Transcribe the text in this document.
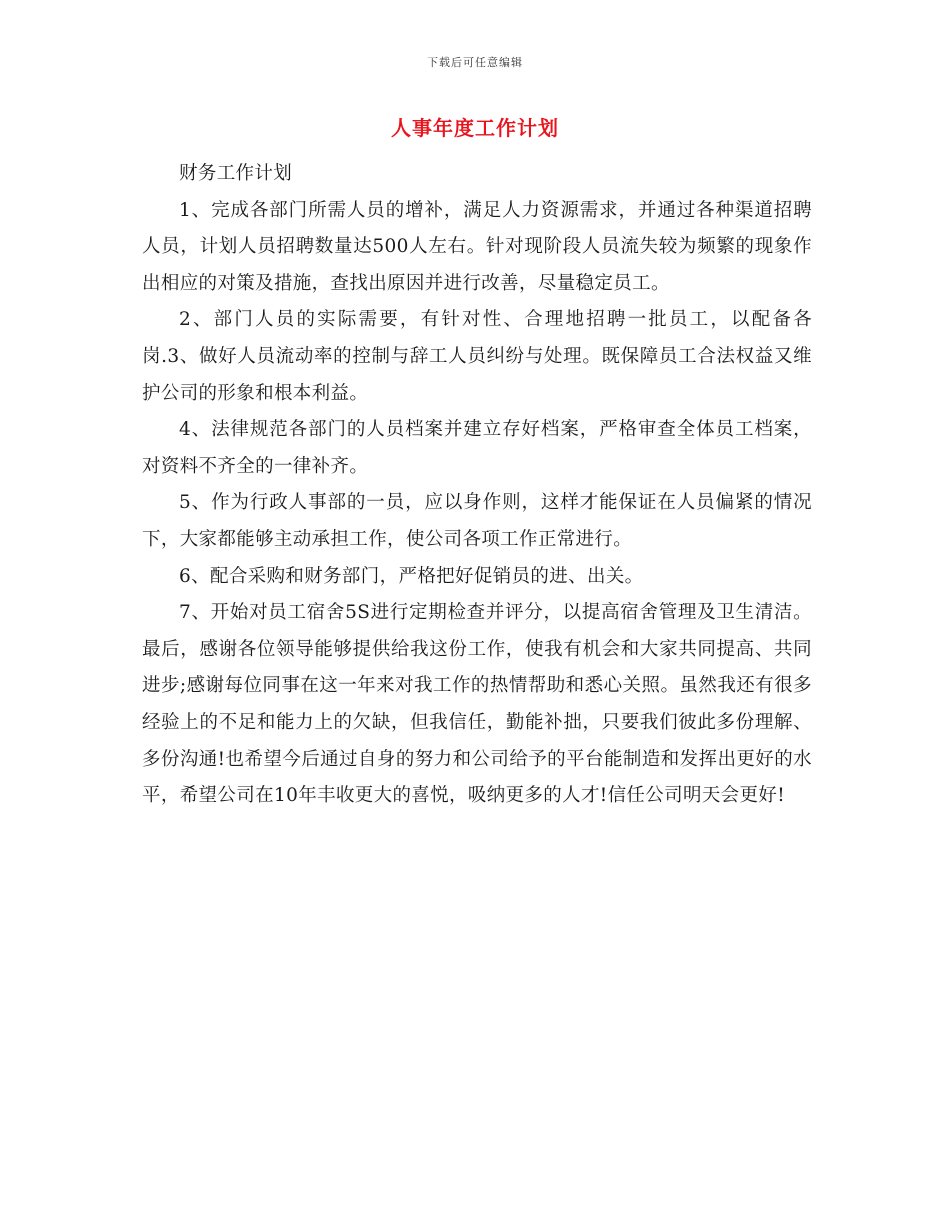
下载后可任意编辑
人事年度工作计划

财务工作计划

1、完成各部门所需人员的增补，满足人力资源需求，并通过各种渠道招聘人员，计划人员招聘数量达500人左右。针对现阶段人员流失较为频繁的现象作出相应的对策及措施，查找出原因并进行改善，尽量稳定员工。

2、部门人员的实际需要，有针对性、合理地招聘一批员工，以配备各岗.3、做好人员流动率的控制与辞工人员纠纷与处理。既保障员工合法权益又维护公司的形象和根本利益。

4、法律规范各部门的人员档案并建立存好档案，严格审查全体员工档案，对资料不齐全的一律补齐。

5、作为行政人事部的一员，应以身作则，这样才能保证在人员偏紧的情况下，大家都能够主动承担工作，使公司各项工作正常进行。

6、配合采购和财务部门，严格把好促销员的进、出关。

7、开始对员工宿舍5S进行定期检查并评分，以提高宿舍管理及卫生清洁。最后，感谢各位领导能够提供给我这份工作，使我有机会和大家共同提高、共同进步;感谢每位同事在这一年来对我工作的热情帮助和悉心关照。虽然我还有很多经验上的不足和能力上的欠缺，但我信任，勤能补拙，只要我们彼此多份理解、多份沟通!也希望今后通过自身的努力和公司给予的平台能制造和发挥出更好的水平，希望公司在10年丰收更大的喜悦，吸纳更多的人才!信任公司明天会更好!
